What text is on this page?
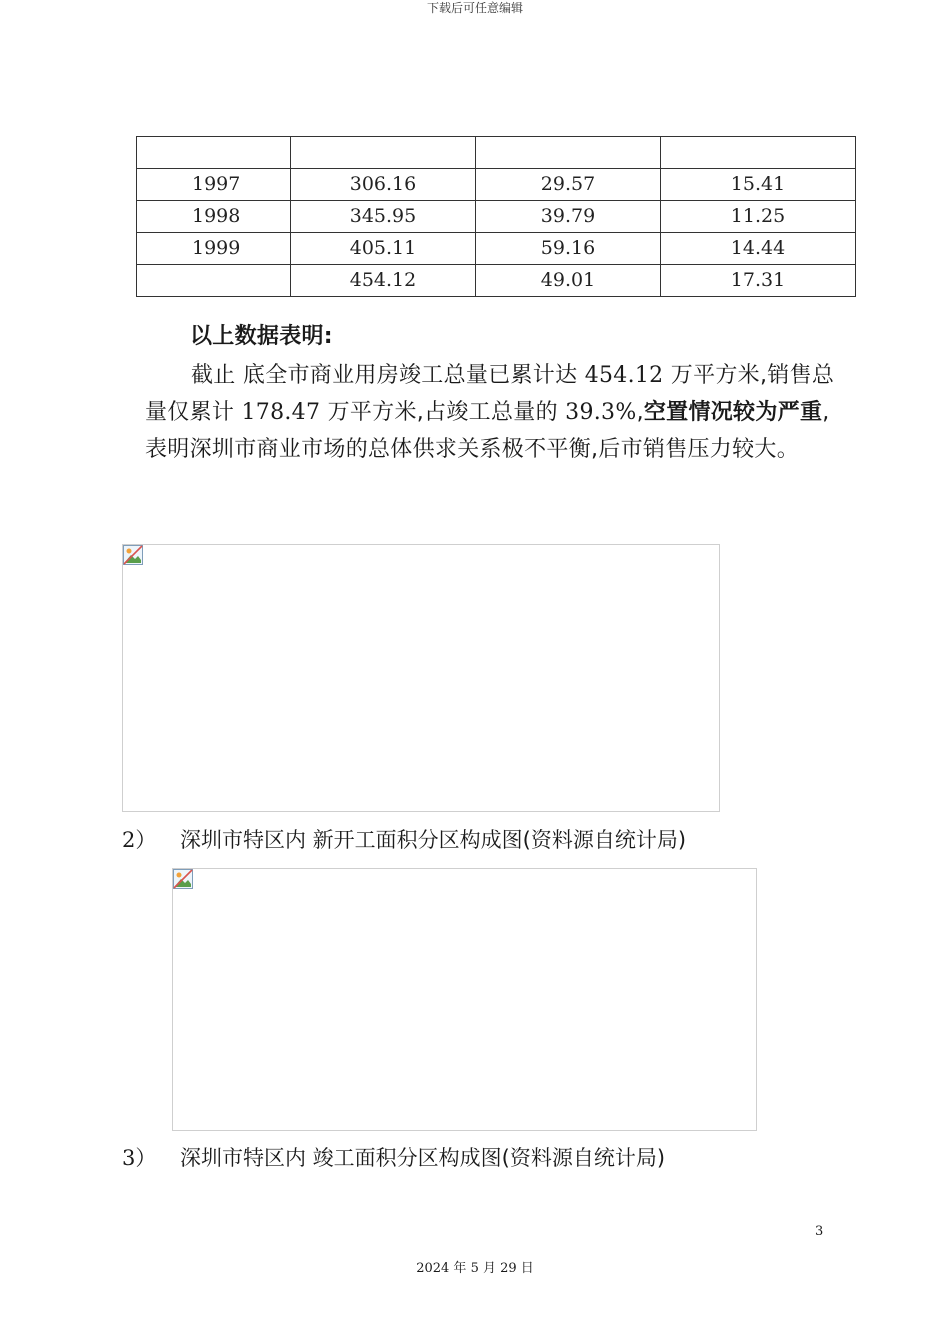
下载后可任意编辑

1997	306.16	29.57	15.41
1998	345.95	39.79	11.25
1999	405.11	59.16	14.44
	454.12	49.01	17.31
以上数据表明:
截止 底全市商业用房竣工总量已累计达 454.12 万平方米,销售总量仅累计 178.47 万平方米,占竣工总量的 39.3%,空置情况较为严重,表明深圳市商业市场的总体供求关系极不平衡,后市销售压力较大。
2） 深圳市特区内 新开工面积分区构成图(资料源自统计局)
3） 深圳市特区内 竣工面积分区构成图(资料源自统计局)
3
2024 年 5 月 29 日
